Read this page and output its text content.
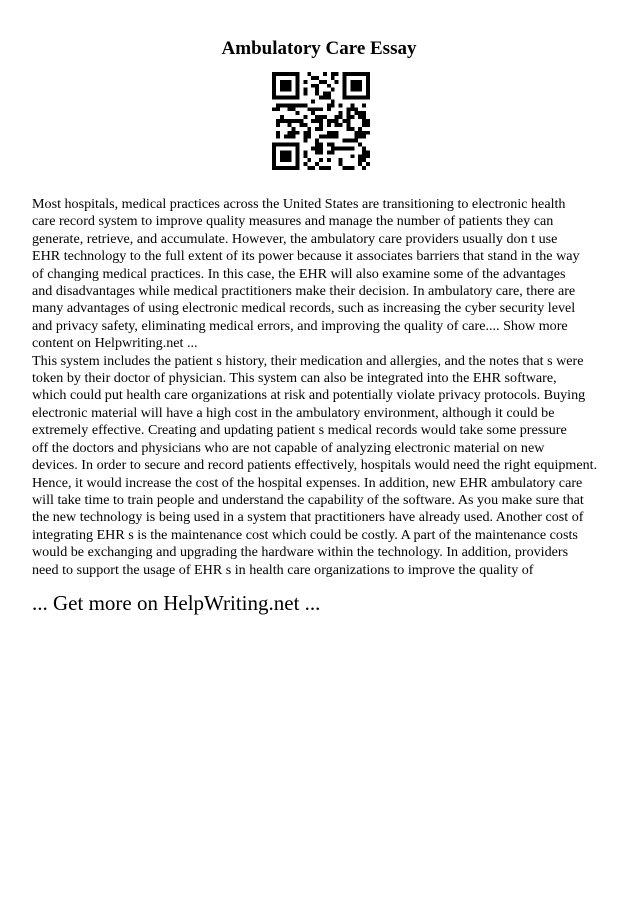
Ambulatory Care Essay
Most hospitals, medical practices across the United States are transitioning to electronic health
care record system to improve quality measures and manage the number of patients they can
generate, retrieve, and accumulate. However, the ambulatory care providers usually don t use
EHR technology to the full extent of its power because it associates barriers that stand in the way
of changing medical practices. In this case, the EHR will also examine some of the advantages
and disadvantages while medical practitioners make their decision. In ambulatory care, there are
many advantages of using electronic medical records, such as increasing the cyber security level
and privacy safety, eliminating medical errors, and improving the quality of care.... Show more
content on Helpwriting.net ...
This system includes the patient s history, their medication and allergies, and the notes that s were
token by their doctor of physician. This system can also be integrated into the EHR software,
which could put health care organizations at risk and potentially violate privacy protocols. Buying
electronic material will have a high cost in the ambulatory environment, although it could be
extremely effective. Creating and updating patient s medical records would take some pressure
off the doctors and physicians who are not capable of analyzing electronic material on new
devices. In order to secure and record patients effectively, hospitals would need the right equipment.
Hence, it would increase the cost of the hospital expenses. In addition, new EHR ambulatory care
will take time to train people and understand the capability of the software. As you make sure that
the new technology is being used in a system that practitioners have already used. Another cost of
integrating EHR s is the maintenance cost which could be costly. A part of the maintenance costs
would be exchanging and upgrading the hardware within the technology. In addition, providers
need to support the usage of EHR s in health care organizations to improve the quality of
... Get more on HelpWriting.net ...
